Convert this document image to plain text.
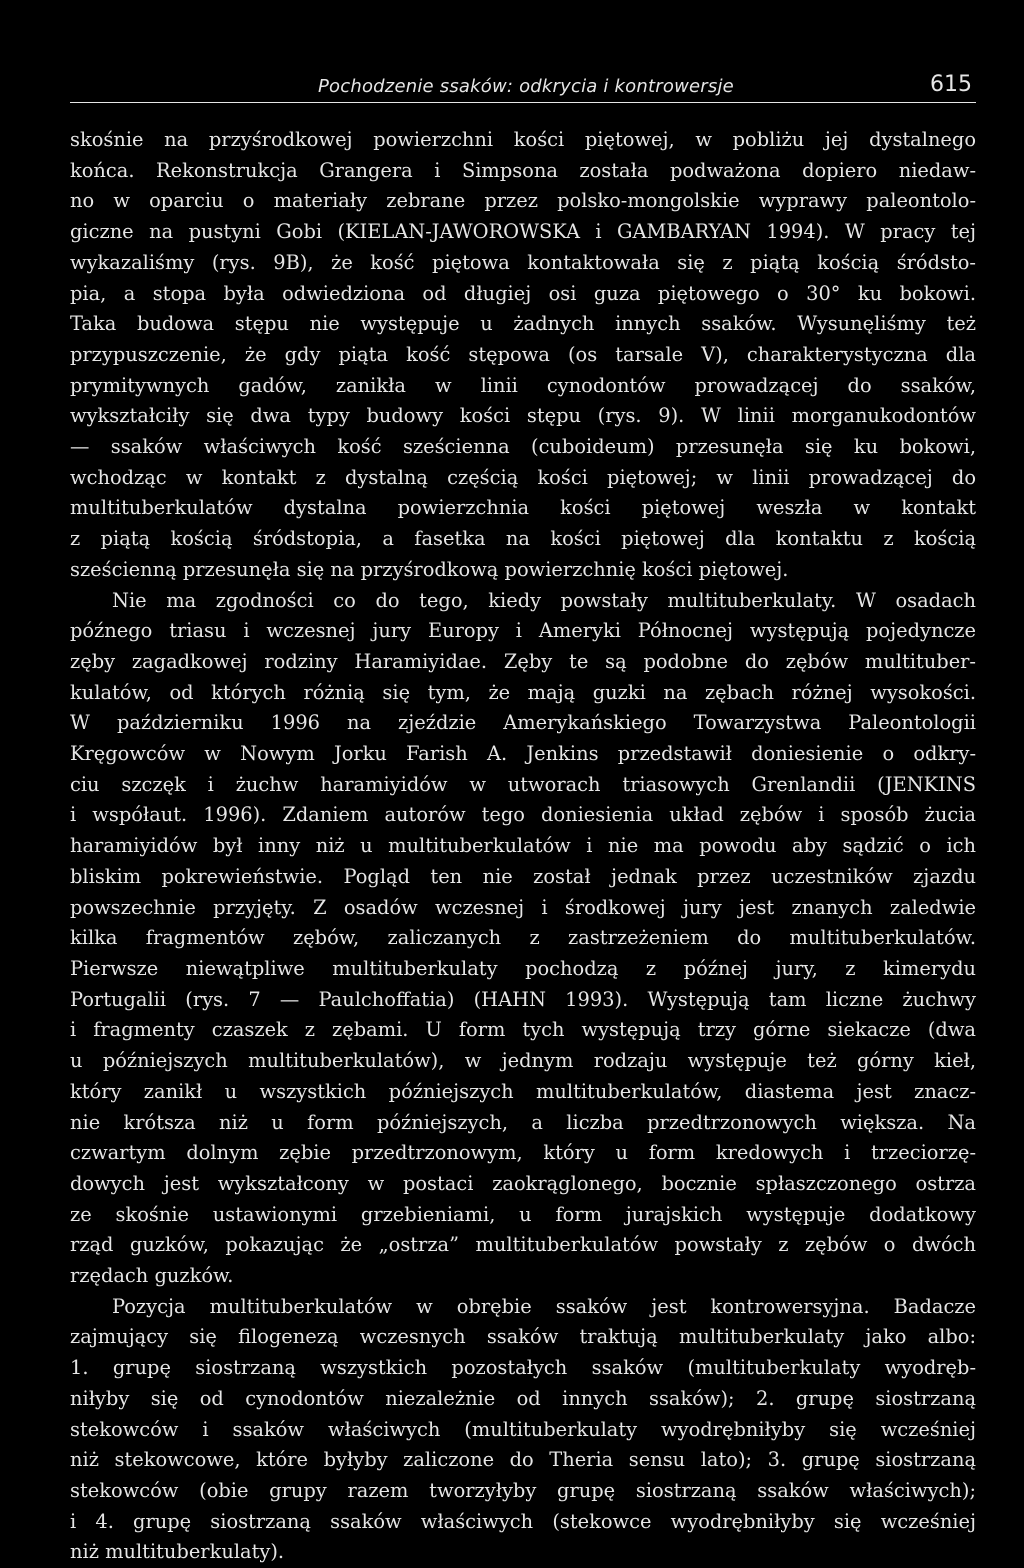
Pochodzenie ssaków: odkrycia i kontrowersje	615
skośnie na przyśrodkowej powierzchni kości piętowej, w pobliżu jej dystalnego
końca. Rekonstrukcja Grangera i Simpsona została podważona dopiero niedaw-
no w oparciu o materiały zebrane przez polsko-mongolskie wyprawy paleontolo-
giczne na pustyni Gobi (KIELAN-JAWOROWSKA i GAMBARYAN 1994). W pracy tej
wykazaliśmy (rys. 9B), że kość piętowa kontaktowała się z piątą kością śródsto-
pia, a stopa była odwiedziona od długiej osi guza piętowego o 30° ku bokowi.
Taka budowa stępu nie występuje u żadnych innych ssaków. Wysunęliśmy też
przypuszczenie, że gdy piąta kość stępowa (os tarsale V), charakterystyczna dla
prymitywnych gadów, zanikła w linii cynodontów prowadzącej do ssaków,
wykształciły się dwa typy budowy kości stępu (rys. 9). W linii morganukodontów
— ssaków właściwych kość sześcienna (cuboideum) przesunęła się ku bokowi,
wchodząc w kontakt z dystalną częścią kości piętowej; w linii prowadzącej do
multituberkulatów dystalna powierzchnia kości piętowej weszła w kontakt
z piątą kością śródstopia, a fasetka na kości piętowej dla kontaktu z kością
sześcienną przesunęła się na przyśrodkową powierzchnię kości piętowej.
Nie ma zgodności co do tego, kiedy powstały multituberkulaty. W osadach
późnego triasu i wczesnej jury Europy i Ameryki Północnej występują pojedyncze
zęby zagadkowej rodziny Haramiyidae. Zęby te są podobne do zębów multituber-
kulatów, od których różnią się tym, że mają guzki na zębach różnej wysokości.
W październiku 1996 na zjeździe Amerykańskiego Towarzystwa Paleontologii
Kręgowców w Nowym Jorku Farish A. Jenkins przedstawił doniesienie o odkry-
ciu szczęk i żuchw haramiyidów w utworach triasowych Grenlandii (JENKINS
i współaut. 1996). Zdaniem autorów tego doniesienia układ zębów i sposób żucia
haramiyidów był inny niż u multituberkulatów i nie ma powodu aby sądzić o ich
bliskim pokrewieństwie. Pogląd ten nie został jednak przez uczestników zjazdu
powszechnie przyjęty. Z osadów wczesnej i środkowej jury jest znanych zaledwie
kilka fragmentów zębów, zaliczanych z zastrzeżeniem do multituberkulatów.
Pierwsze niewątpliwe multituberkulaty pochodzą z późnej jury, z kimerydu
Portugalii (rys. 7 — Paulchoffatia) (HAHN 1993). Występują tam liczne żuchwy
i fragmenty czaszek z zębami. U form tych występują trzy górne siekacze (dwa
u późniejszych multituberkulatów), w jednym rodzaju występuje też górny kieł,
który zanikł u wszystkich późniejszych multituberkulatów, diastema jest znacz-
nie krótsza niż u form późniejszych, a liczba przedtrzonowych większa. Na
czwartym dolnym zębie przedtrzonowym, który u form kredowych i trzeciorzę-
dowych jest wykształcony w postaci zaokrąglonego, bocznie spłaszczonego ostrza
ze skośnie ustawionymi grzebieniami, u form jurajskich występuje dodatkowy
rząd guzków, pokazując że „ostrza” multituberkulatów powstały z zębów o dwóch
rzędach guzków.
Pozycja multituberkulatów w obrębie ssaków jest kontrowersyjna. Badacze
zajmujący się filogenezą wczesnych ssaków traktują multituberkulaty jako albo:
1. grupę siostrzaną wszystkich pozostałych ssaków (multituberkulaty wyodręb-
niłyby się od cynodontów niezależnie od innych ssaków); 2. grupę siostrzaną
stekowców i ssaków właściwych (multituberkulaty wyodrębniłyby się wcześniej
niż stekowcowe, które byłyby zaliczone do Theria sensu lato); 3. grupę siostrzaną
stekowców (obie grupy razem tworzyłyby grupę siostrzaną ssaków właściwych);
i 4. grupę siostrzaną ssaków właściwych (stekowce wyodrębniłyby się wcześniej
niż multituberkulaty).
